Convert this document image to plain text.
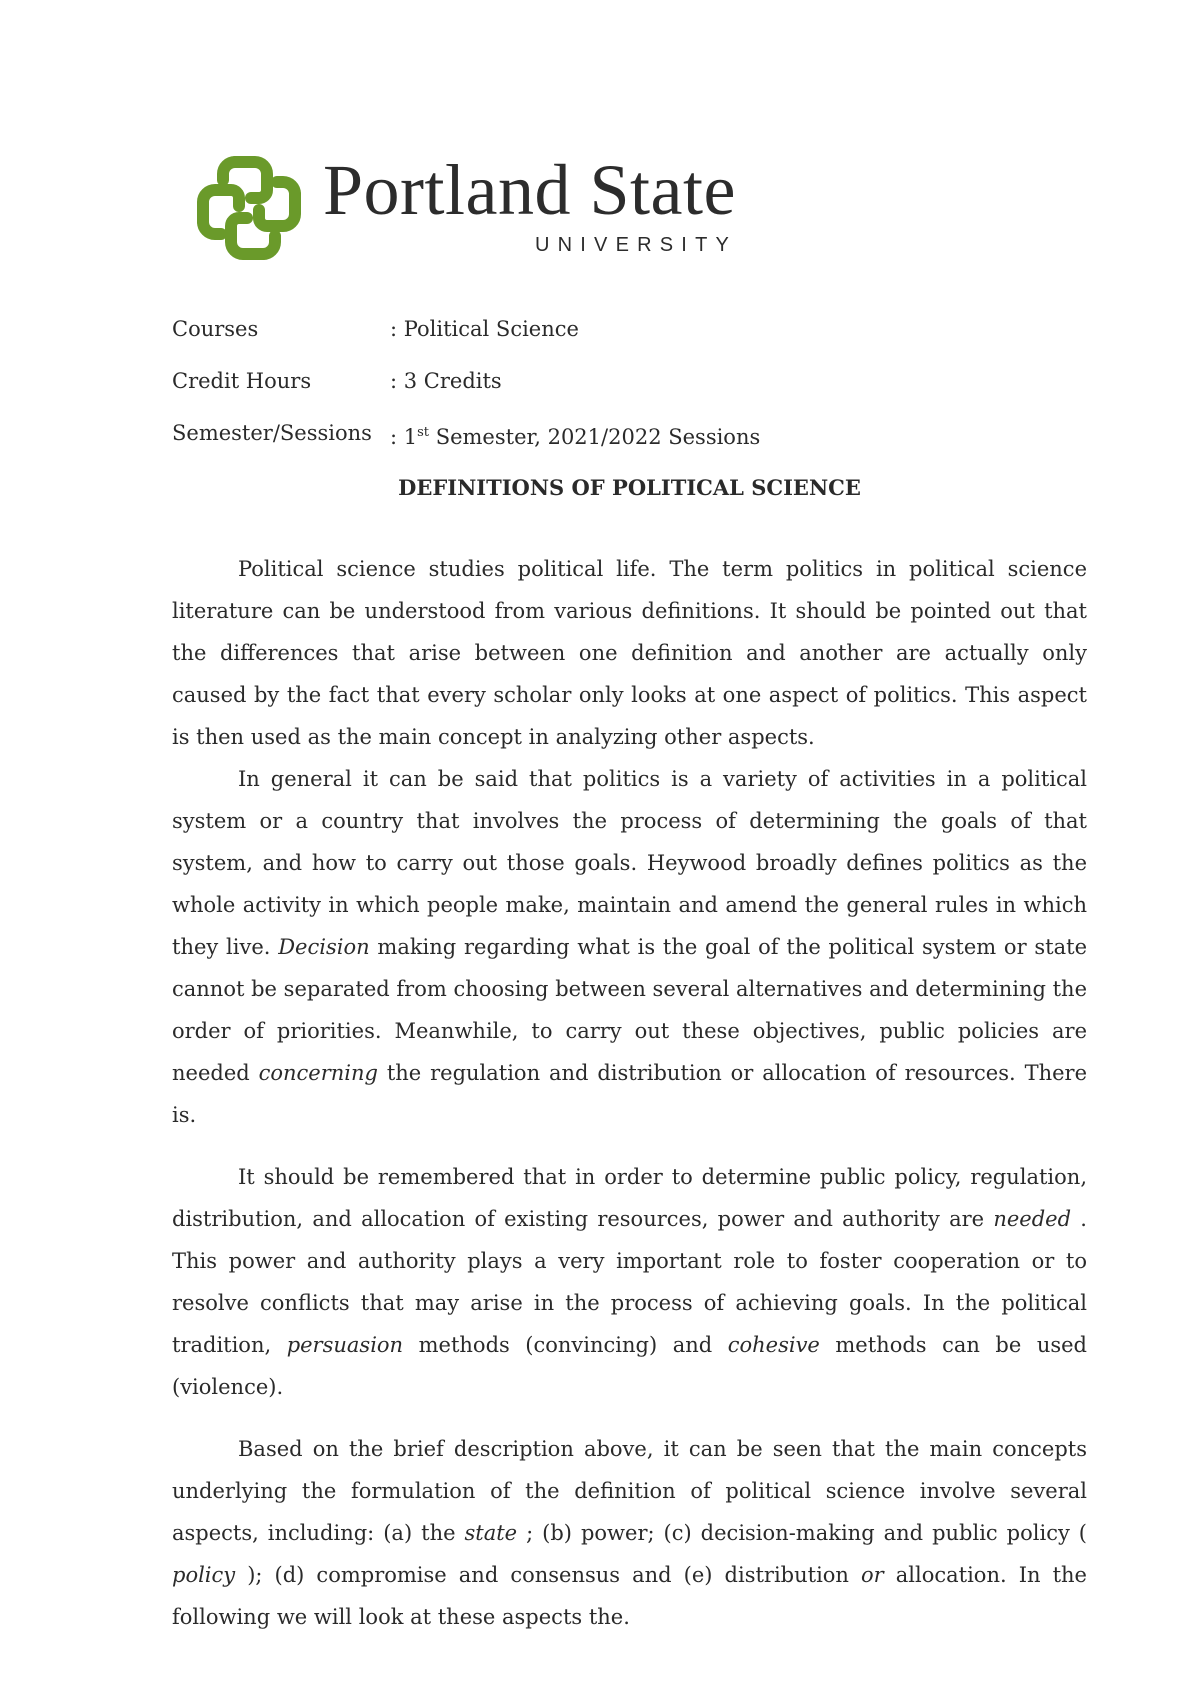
Portland State
UNIVERSITY
Courses	: Political Science
Credit Hours	: 3 Credits
Semester/Sessions : 1st Semester, 2021/2022 Sessions
DEFINITIONS OF POLITICAL SCIENCE

Political science studies political life. The term politics in political science literature can be understood from various definitions. It should be pointed out that the differences that arise between one definition and another are actually only caused by the fact that every scholar only looks at one aspect of politics. This aspect is then used as the main concept in analyzing other aspects.

In general it can be said that politics is a variety of activities in a political system or a country that involves the process of determining the goals of that system, and how to carry out those goals. Heywood broadly defines politics as the whole activity in which people make, maintain and amend the general rules in which they live. Decision making regarding what is the goal of the political system or state cannot be separated from choosing between several alternatives and determining the order of priorities. Meanwhile, to carry out these objectives, public policies are needed concerning the regulation and distribution or allocation of resources. There is.

It should be remembered that in order to determine public policy, regulation, distribution, and allocation of existing resources, power and authority are needed . This power and authority plays a very important role to foster cooperation or to resolve conflicts that may arise in the process of achieving goals. In the political tradition, persuasion methods (convincing) and cohesive methods can be used (violence).

Based on the brief description above, it can be seen that the main concepts underlying the formulation of the definition of political science involve several aspects, including: (a) the state ; (b) power; (c) decision-making and public policy ( policy ); (d) compromise and consensus and (e) distribution or allocation. In the following we will look at these aspects the.
